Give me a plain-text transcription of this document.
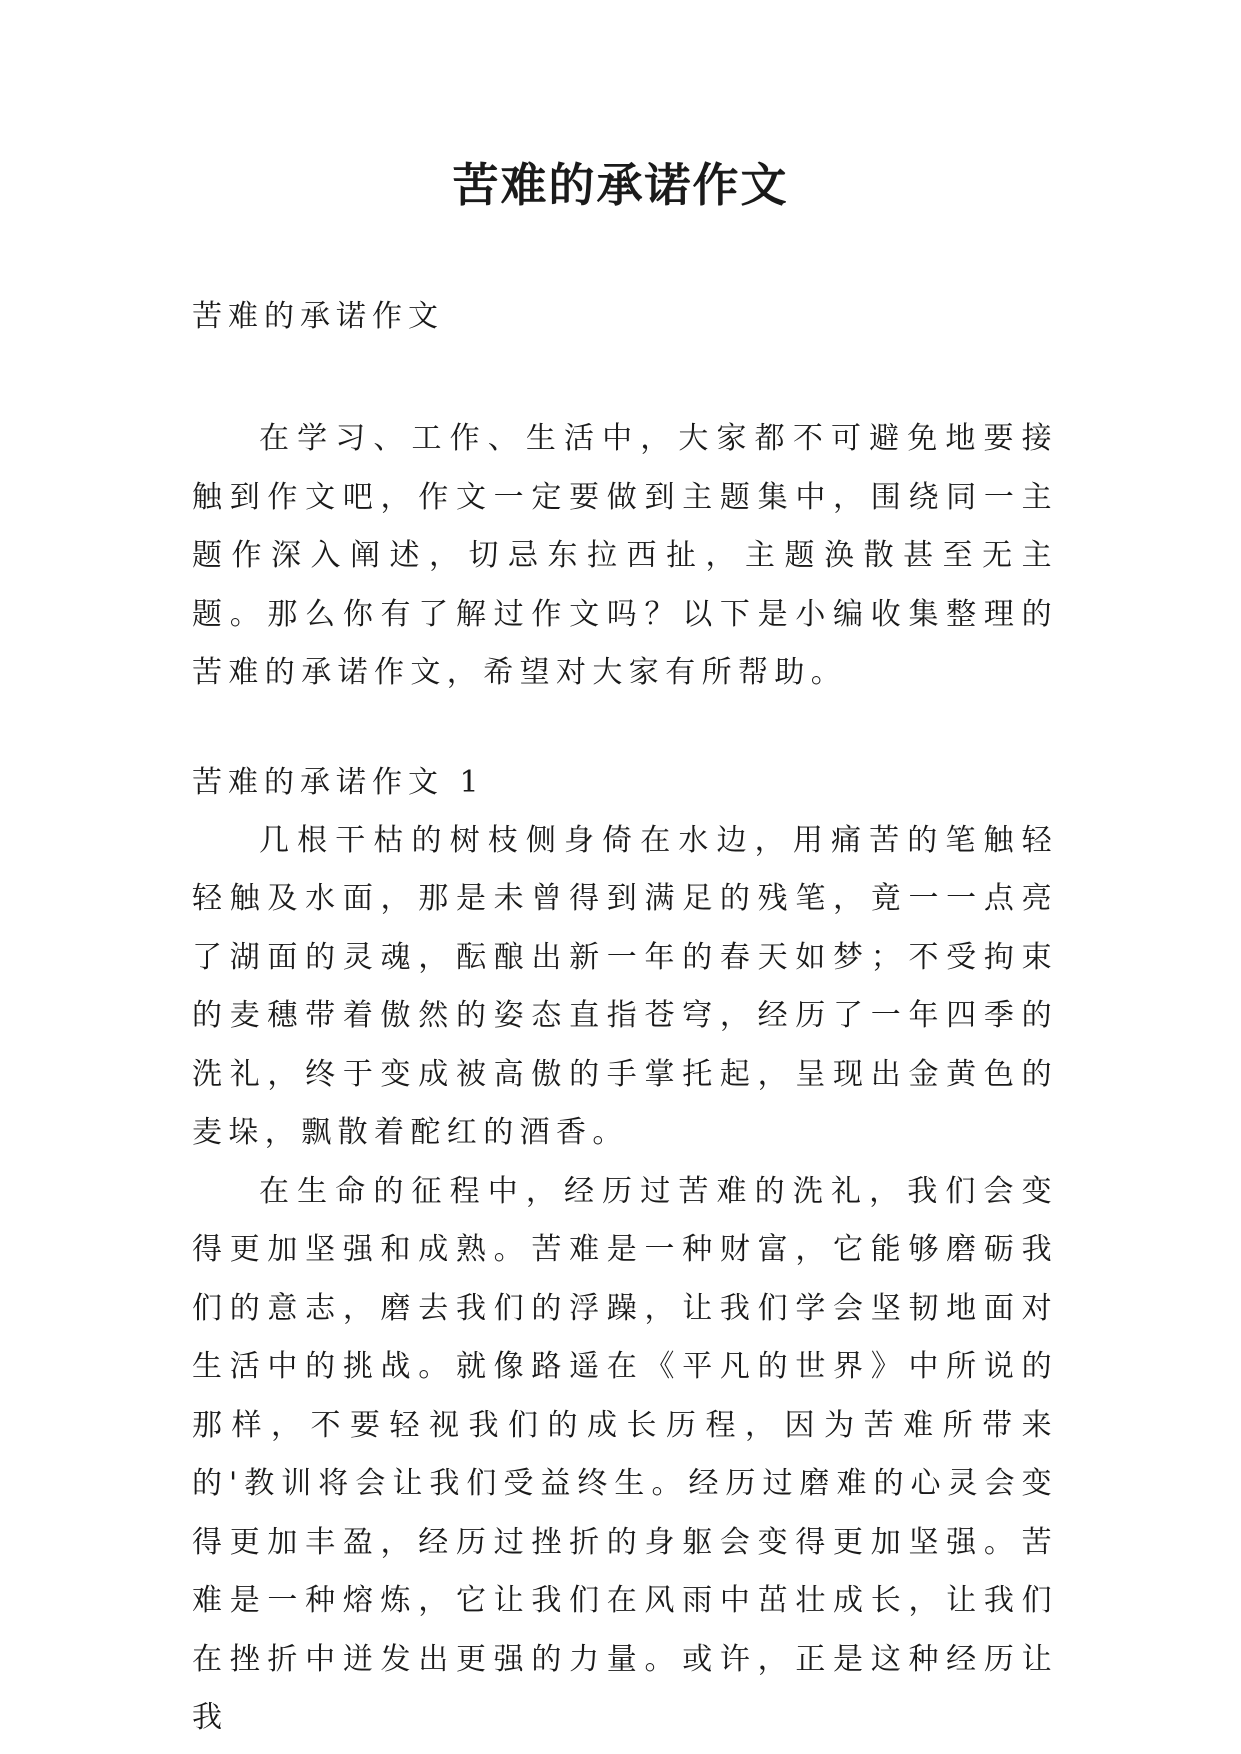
苦难的承诺作文

苦难的承诺作文

在学习、工作、生活中，大家都不可避免地要接触到作文吧，作文一定要做到主题集中，围绕同一主题作深入阐述，切忌东拉西扯，主题涣散甚至无主题。那么你有了解过作文吗？以下是小编收集整理的苦难的承诺作文，希望对大家有所帮助。

苦难的承诺作文 1

几根干枯的树枝侧身倚在水边，用痛苦的笔触轻轻触及水面，那是未曾得到满足的残笔，竟一一点亮了湖面的灵魂，酝酿出新一年的春天如梦；不受拘束的麦穗带着傲然的姿态直指苍穹，经历了一年四季的洗礼，终于变成被高傲的手掌托起，呈现出金黄色的麦垛，飘散着酡红的酒香。

在生命的征程中，经历过苦难的洗礼，我们会变得更加坚强和成熟。苦难是一种财富，它能够磨砺我们的意志，磨去我们的浮躁，让我们学会坚韧地面对生活中的挑战。就像路遥在《平凡的世界》中所说的那样，不要轻视我们的成长历程，因为苦难所带来的'教训将会让我们受益终生。经历过磨难的心灵会变得更加丰盈，经历过挫折的身躯会变得更加坚强。苦难是一种熔炼，它让我们在风雨中茁壮成长，让我们在挫折中迸发出更强的力量。或许，正是这种经历让我
